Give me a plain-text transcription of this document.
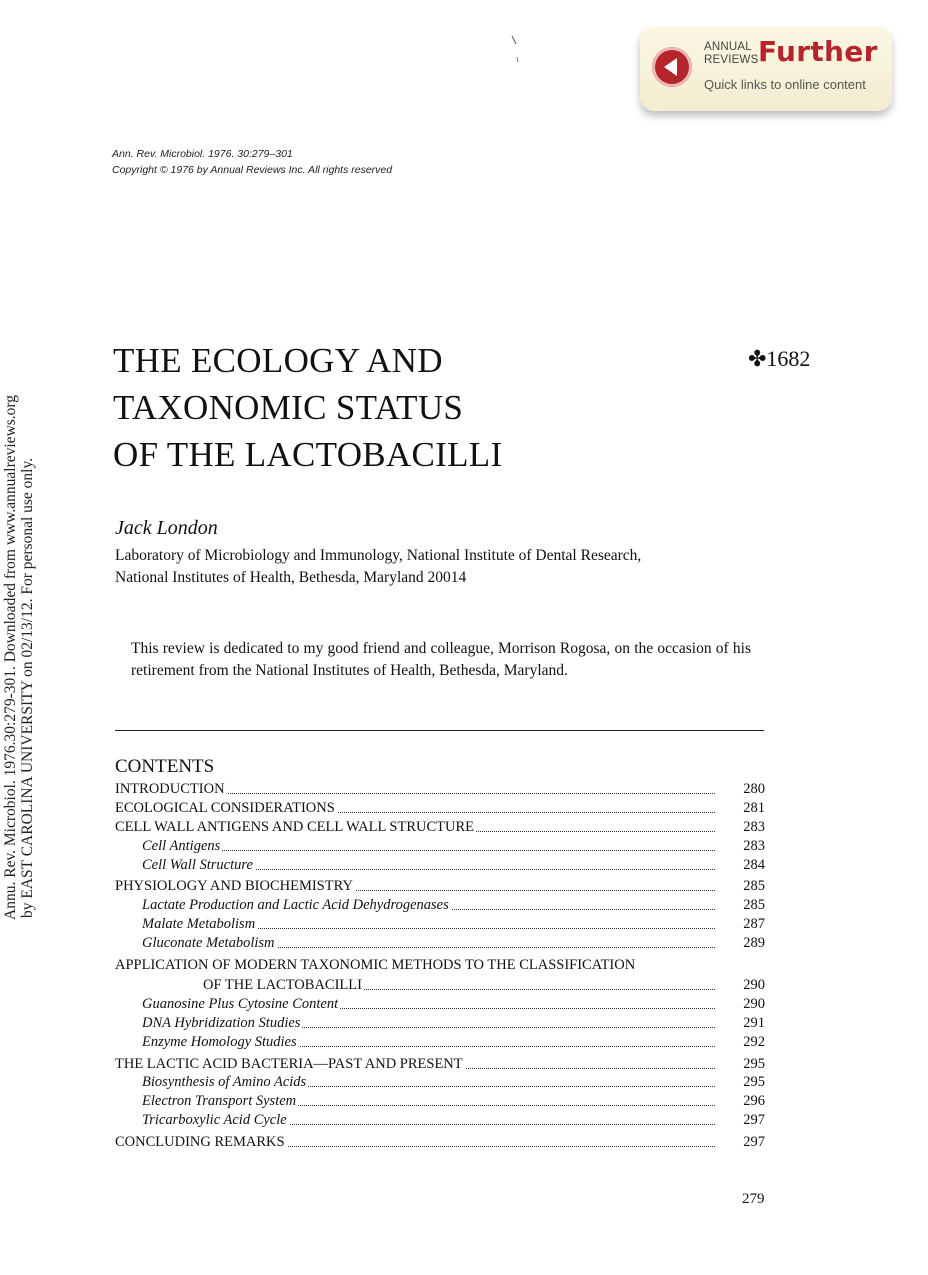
Annu. Rev. Microbiol. 1976.30:279-301. Downloaded from www.annualreviews.org by EAST CAROLINA UNIVERSITY on 02/13/12. For personal use only.
ANNUAL
REVIEWS Further
Quick links to online content
Ann. Rev. Microbiol. 1976. 30:279–301
Copyright © 1976 by Annual Reviews Inc. All rights reserved
THE ECOLOGY AND
TAXONOMIC STATUS
OF THE LACTOBACILLI
✤1682
Jack London
Laboratory of Microbiology and Immunology, National Institute of Dental Research,
National Institutes of Health, Bethesda, Maryland 20014
This review is dedicated to my good friend and colleague, Morrison Rogosa, on the occasion of his retirement from the National Institutes of Health, Bethesda, Maryland.
CONTENTS
INTRODUCTION	280
ECOLOGICAL CONSIDERATIONS	281
CELL WALL ANTIGENS AND CELL WALL STRUCTURE	283
Cell Antigens	283
Cell Wall Structure	284
PHYSIOLOGY AND BIOCHEMISTRY	285
Lactate Production and Lactic Acid Dehydrogenases	285
Malate Metabolism	287
Gluconate Metabolism	289
APPLICATION OF MODERN TAXONOMIC METHODS TO THE CLASSIFICATION
OF THE LACTOBACILLI	290
Guanosine Plus Cytosine Content	290
DNA Hybridization Studies	291
Enzyme Homology Studies	292
THE LACTIC ACID BACTERIA—PAST AND PRESENT	295
Biosynthesis of Amino Acids	295
Electron Transport System	296
Tricarboxylic Acid Cycle	297
CONCLUDING REMARKS	297
279
